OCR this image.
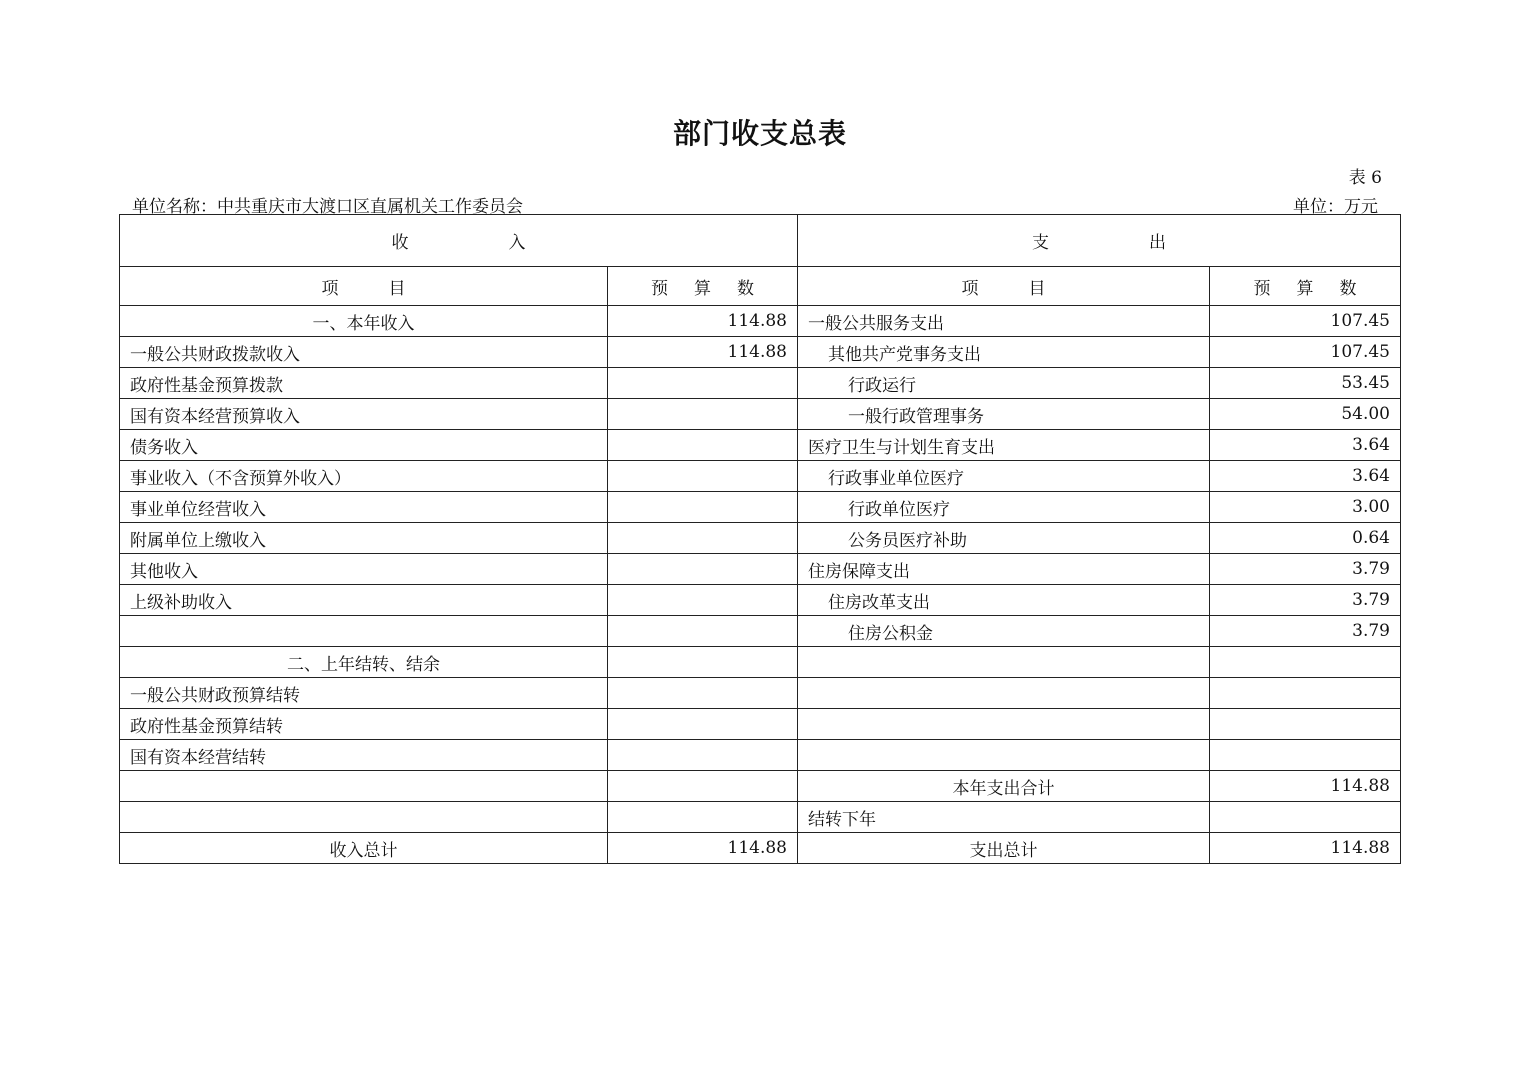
部门收支总表
表 6
单位名称：中共重庆市大渡口区直属机关工作委员会	单位：万元
收 入		支 出	
项 目	预 算 数	项 目	预 算 数
一、本年收入	114.88	一般公共服务支出	107.45
一般公共财政拨款收入	114.88	其他共产党事务支出	107.45
政府性基金预算拨款		行政运行	53.45
国有资本经营预算收入		一般行政管理事务	54.00
债务收入		医疗卫生与计划生育支出	3.64
事业收入（不含预算外收入）		行政事业单位医疗	3.64
事业单位经营收入		行政单位医疗	3.00
附属单位上缴收入		公务员医疗补助	0.64
其他收入		住房保障支出	3.79
上级补助收入		住房改革支出	3.79
		住房公积金	3.79
二、上年结转、结余			
一般公共财政预算结转			
政府性基金预算结转			
国有资本经营结转			
		本年支出合计	114.88
		结转下年	
收入总计	114.88	支出总计	114.88
